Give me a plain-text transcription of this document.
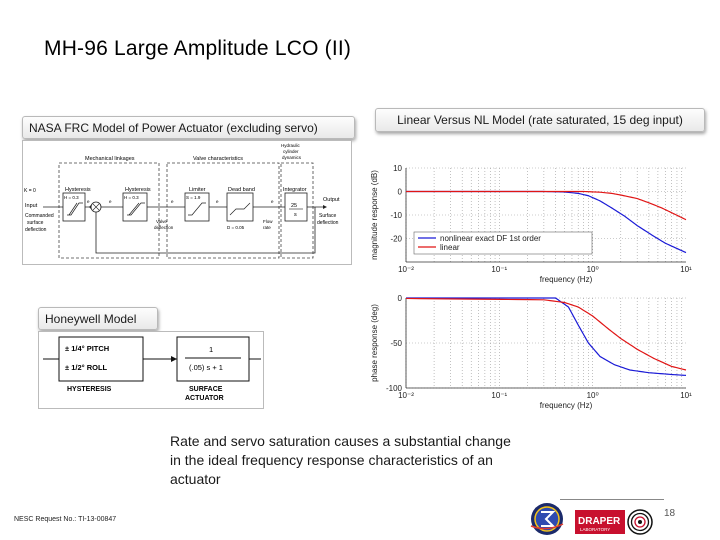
MH-96 Large Amplitude LCO (II)
NASA FRC Model of Power Actuator (excluding servo)
Mechanical linkages	Valve characteristics
Hydraulic
cylinder
dynamics
K = 0
Input
Commanded
surface
deflection
Hysteresis
H = 0.3
Hysteresis
H = 0.3
Limiter
S = 1.9
Dead band
D = 0.05
Integrator
25
s
e	e	e	e	e
Valve
deflection
Flow
rate
Output
Surface
deflection
Honeywell Model
± 1/4° PITCH
± 1/2° ROLL
HYSTERESIS
1
(.05) s + 1
SURFACE
ACTUATOR
Linear Versus NL Model (rate saturated, 15 deg input)
10
0
-10
-20
10⁻²	10⁻¹	10⁰	10¹
frequency (Hz)
magnitude response (dB)	nonlinear exact DF 1st order
linear
0
-50
-100
10⁻²	10⁻¹	10⁰	10¹
frequency (Hz)
phase response (deg)
Rate and servo saturation causes a substantial change in the ideal frequency response characteristics of an actuator
NESC Request No.: TI-13-00847
18
DRAPER
LABORATORY
